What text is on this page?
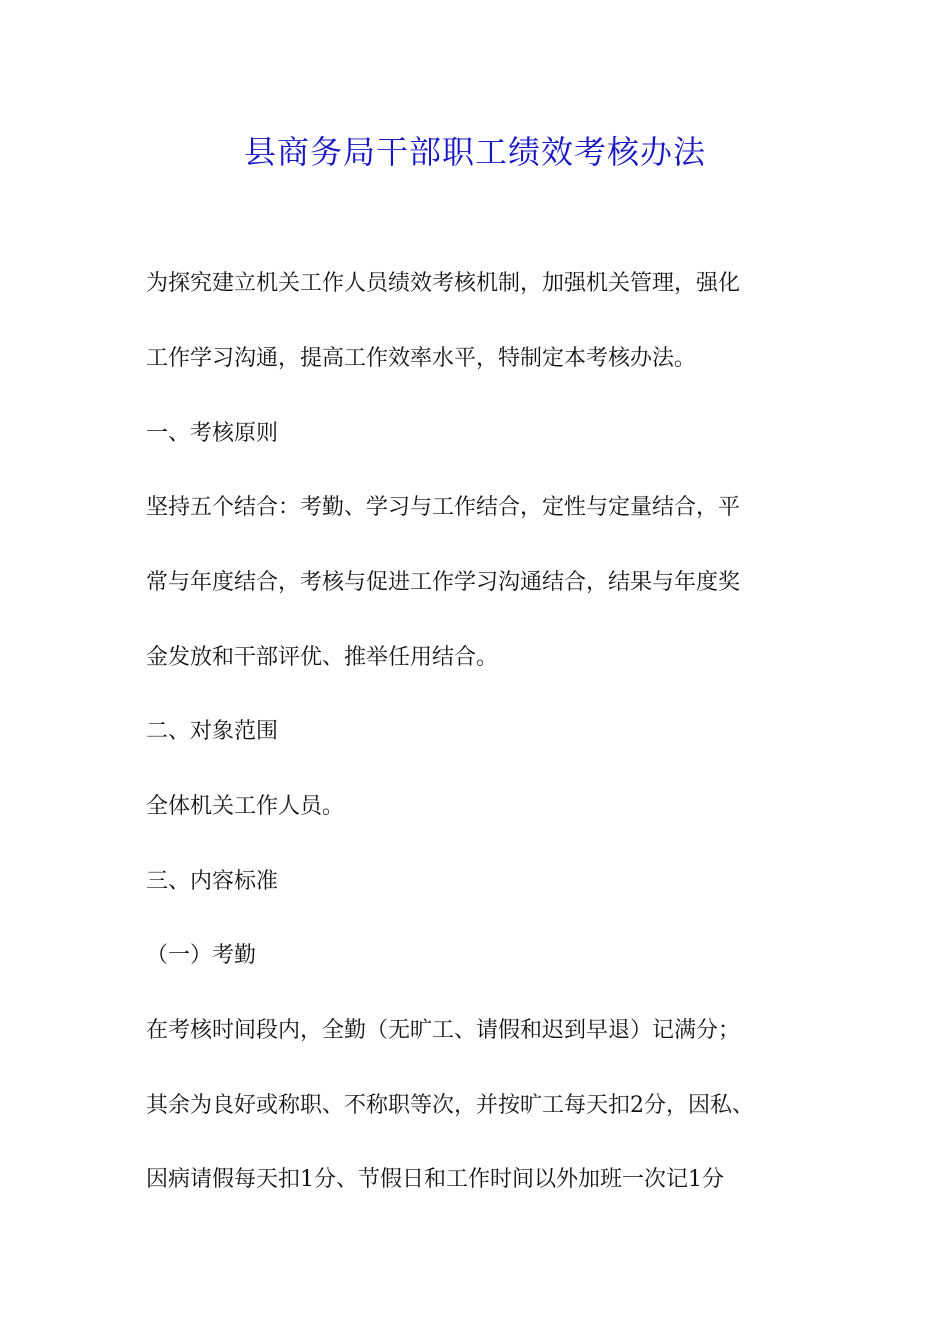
县商务局干部职工绩效考核办法
为探究建立机关工作人员绩效考核机制，加强机关管理，强化
工作学习沟通，提高工作效率水平，特制定本考核办法。
一、考核原则
坚持五个结合：考勤、学习与工作结合，定性与定量结合，平
常与年度结合，考核与促进工作学习沟通结合，结果与年度奖
金发放和干部评优、推举任用结合。
二、对象范围
全体机关工作人员。
三、内容标准
（一）考勤
在考核时间段内，全勤（无旷工、请假和迟到早退）记满分；
其余为良好或称职、不称职等次，并按旷工每天扣2分，因私、
因病请假每天扣1分、节假日和工作时间以外加班一次记1分
